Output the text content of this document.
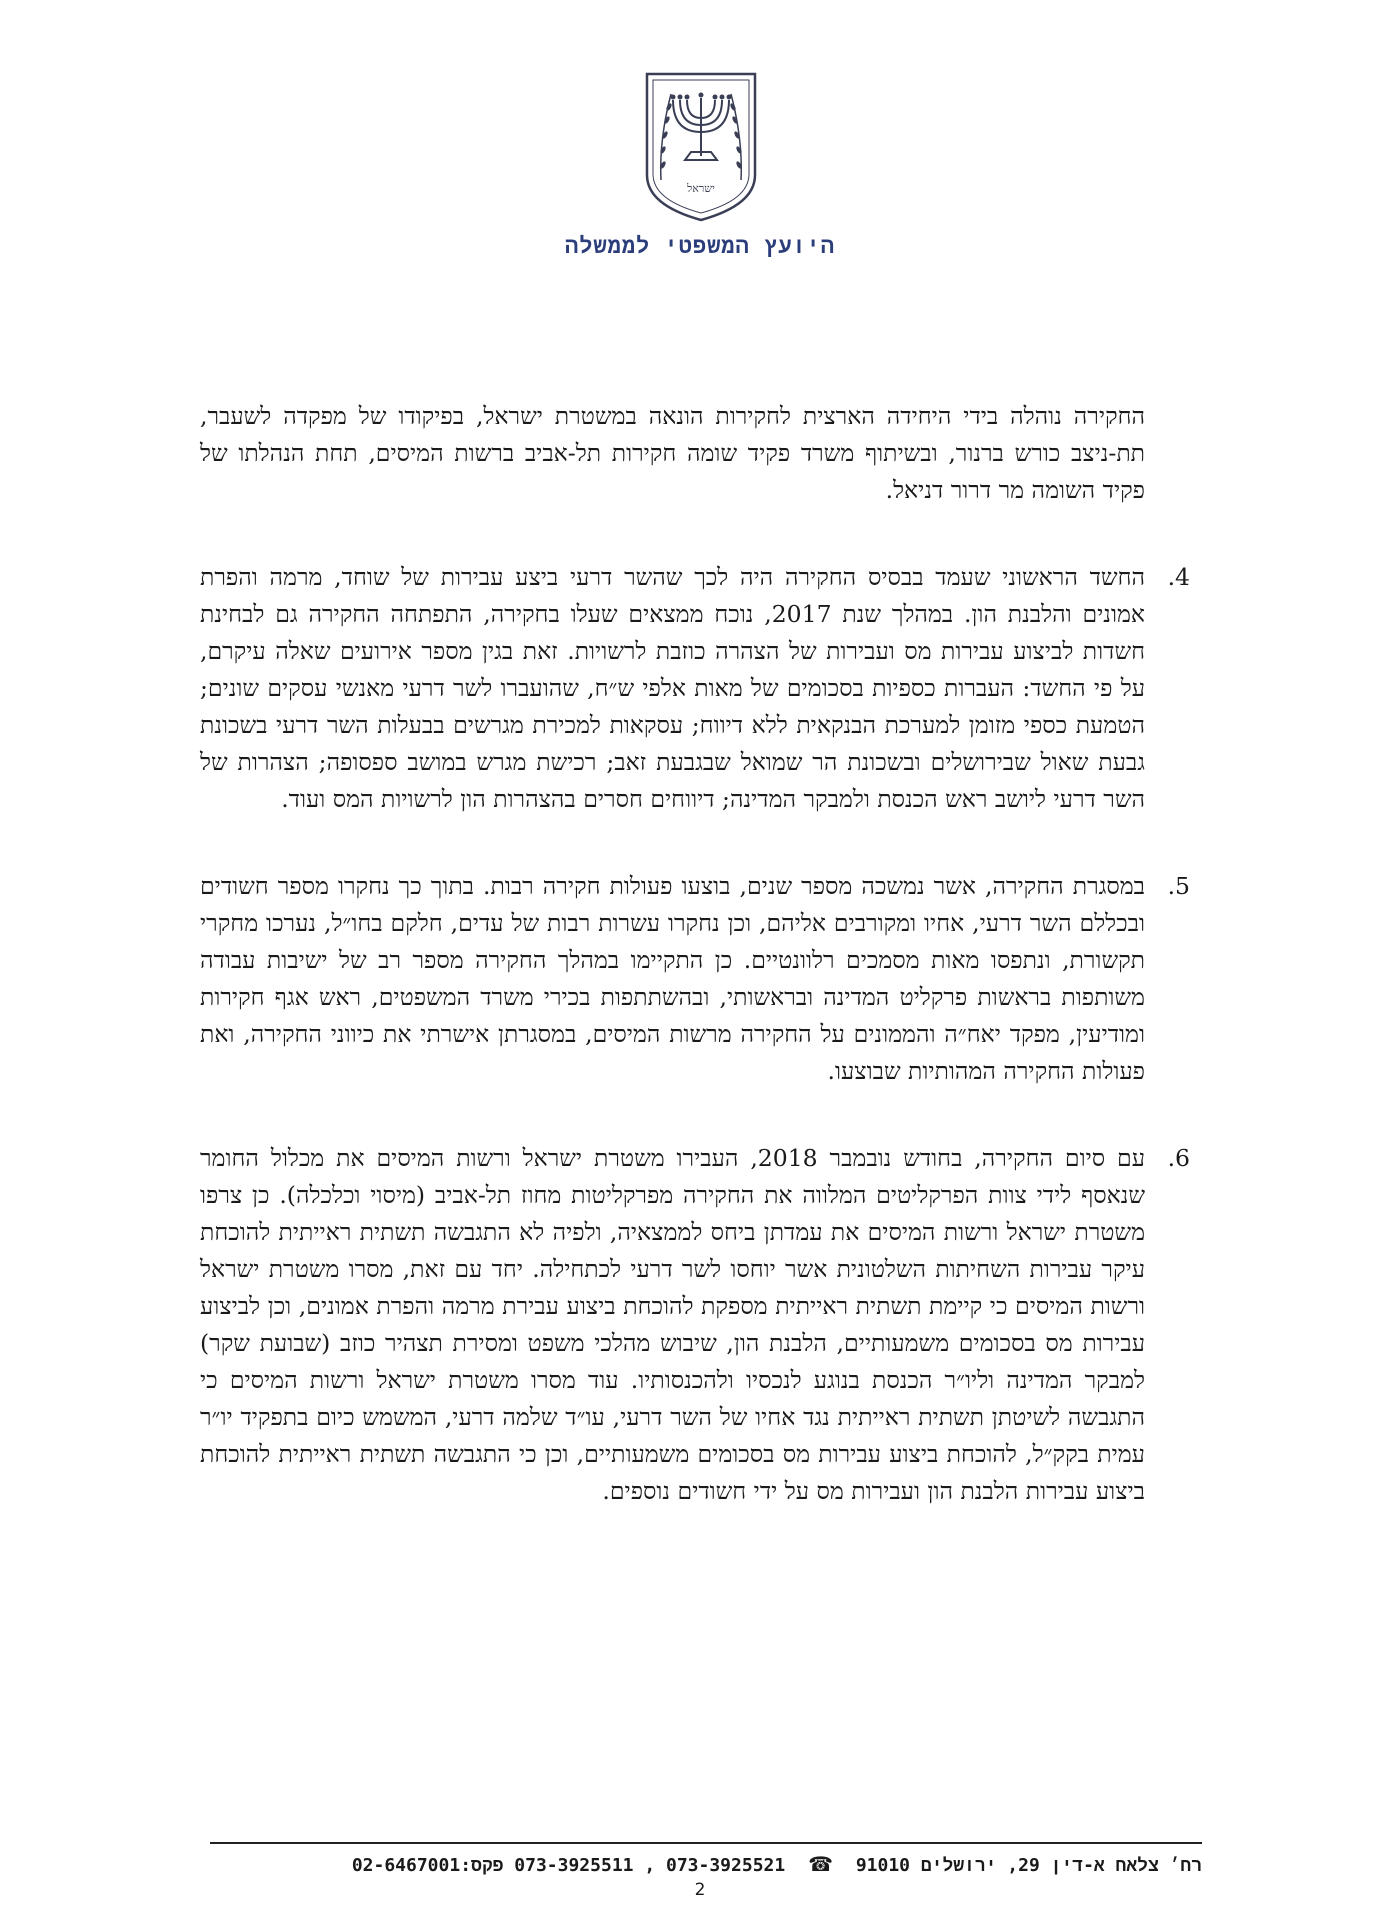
ישראל
היועץ המשפטי לממשלה

החקירה נוהלה בידי היחידה הארצית לחקירות הונאה במשטרת ישראל, בפיקודו של מפקדה לשעבר, תת-ניצב כורש ברנור, ובשיתוף משרד פקיד שומה חקירות תל-אביב ברשות המיסים, תחת הנהלתו של פקיד השומה מר דרור דניאל.

4.

החשד הראשוני שעמד בבסיס החקירה היה לכך שהשר דרעי ביצע עבירות של שוחד, מרמה והפרת אמונים והלבנת הון. במהלך שנת 2017, נוכח ממצאים שעלו בחקירה, התפתחה החקירה גם לבחינת חשדות לביצוע עבירות מס ועבירות של הצהרה כוזבת לרשויות. זאת בגין מספר אירועים שאלה עיקרם, על פי החשד: העברות כספיות בסכומים של מאות אלפי ש״ח, שהועברו לשר דרעי מאנשי עסקים שונים; הטמעת כספי מזומן למערכת הבנקאית ללא דיווח; עסקאות למכירת מגרשים בבעלות השר דרעי בשכונת גבעת שאול שבירושלים ובשכונת הר שמואל שבגבעת זאב; רכישת מגרש במושב ספסופה; הצהרות של השר דרעי ליושב ראש הכנסת ולמבקר המדינה; דיווחים חסרים בהצהרות הון לרשויות המס ועוד.

5.

במסגרת החקירה, אשר נמשכה מספר שנים, בוצעו פעולות חקירה רבות. בתוך כך נחקרו מספר חשודים ובכללם השר דרעי, אחיו ומקורבים אליהם, וכן נחקרו עשרות רבות של עדים, חלקם בחו״ל, נערכו מחקרי תקשורת, ונתפסו מאות מסמכים רלוונטיים. כן התקיימו במהלך החקירה מספר רב של ישיבות עבודה משותפות בראשות פרקליט המדינה ובראשותי, ובהשתתפות בכירי משרד המשפטים, ראש אגף חקירות ומודיעין, מפקד יאח״ה והממונים על החקירה מרשות המיסים, במסגרתן אישרתי את כיווני החקירה, ואת פעולות החקירה המהותיות שבוצעו.

6.

עם סיום החקירה, בחודש נובמבר 2018, העבירו משטרת ישראל ורשות המיסים את מכלול החומר שנאסף לידי צוות הפרקליטים המלווה את החקירה מפרקליטות מחוז תל-אביב (מיסוי וכלכלה). כן צרפו משטרת ישראל ורשות המיסים את עמדתן ביחס לממצאיה, ולפיה לא התגבשה תשתית ראייתית להוכחת עיקר עבירות השחיתות השלטונית אשר יוחסו לשר דרעי לכתחילה. יחד עם זאת, מסרו משטרת ישראל ורשות המיסים כי קיימת תשתית ראייתית מספקת להוכחת ביצוע עבירת מרמה והפרת אמונים, וכן לביצוע עבירות מס בסכומים משמעותיים, הלבנת הון, שיבוש מהלכי משפט ומסירת תצהיר כוזב (שבועת שקר) למבקר המדינה וליו״ר הכנסת בנוגע לנכסיו ולהכנסותיו. עוד מסרו משטרת ישראל ורשות המיסים כי התגבשה לשיטתן תשתית ראייתית נגד אחיו של השר דרעי, עו״ד שלמה דרעי, המשמש כיום בתפקיד יו״ר עמית בקק״ל, להוכחת ביצוע עבירות מס בסכומים משמעותיים, וכן כי התגבשה תשתית ראייתית להוכחת ביצוע עבירות הלבנת הון ועבירות מס על ידי חשודים נוספים.

רח׳ צלאח א-דין 29, ירושלים 91010 ☎ 073-3925511 , 073-3925521 פקס:02-6467001
2
